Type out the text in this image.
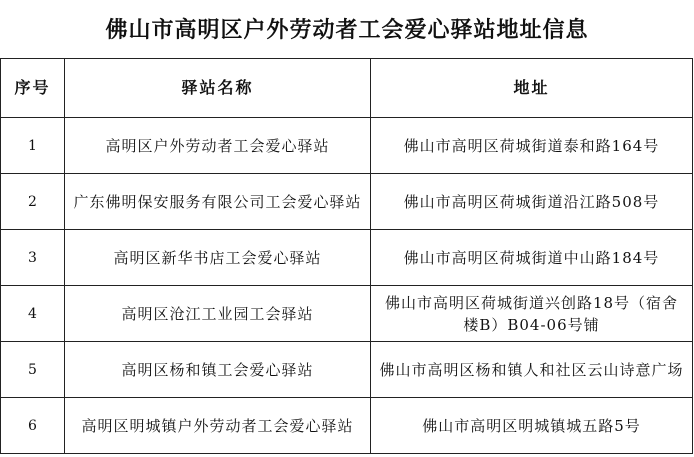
佛山市高明区户外劳动者工会爱心驿站地址信息
序号	驿站名称	地址
1	高明区户外劳动者工会爱心驿站	佛山市高明区荷城街道泰和路164号
2	广东佛明保安服务有限公司工会爱心驿站	佛山市高明区荷城街道沿江路508号
3	高明区新华书店工会爱心驿站	佛山市高明区荷城街道中山路184号
4	高明区沧江工业园工会驿站	佛山市高明区荷城街道兴创路18号（宿舍楼B）B04-06号铺
5	高明区杨和镇工会爱心驿站	佛山市高明区杨和镇人和社区云山诗意广场
6	高明区明城镇户外劳动者工会爱心驿站	佛山市高明区明城镇城五路5号
